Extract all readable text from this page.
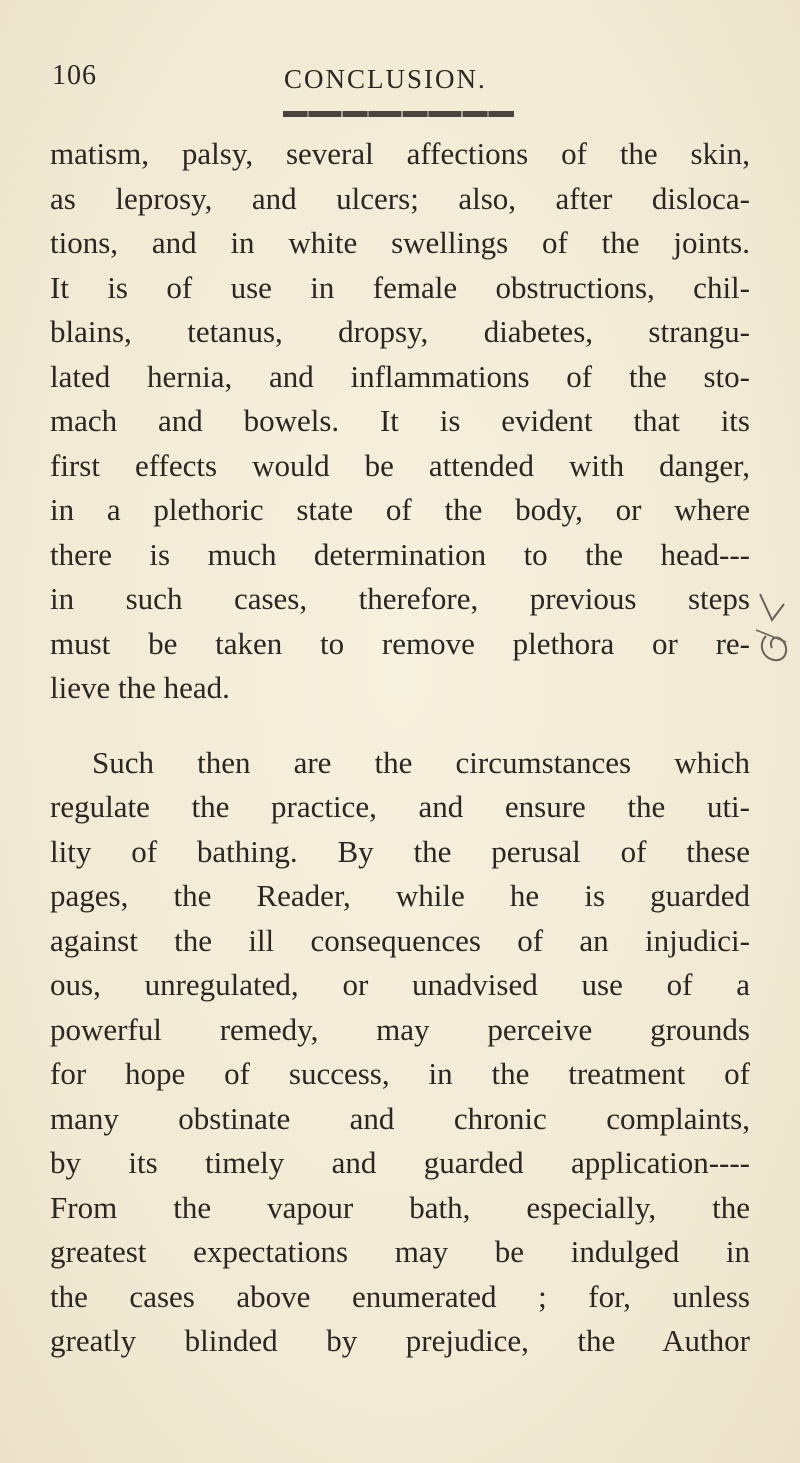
106	CONCLUSION.
matism, palsy, several affections of the skin,
as leprosy, and ulcers; also, after disloca-
tions, and in white swellings of the joints.
It is of use in female obstructions, chil-
blains, tetanus, dropsy, diabetes, strangu-
lated hernia, and inflammations of the sto-
mach and bowels. It is evident that its
first effects would be attended with danger,
in a plethoric state of the body, or where
there is much determination to the head---
in such cases, therefore, previous steps
must be taken to remove plethora or re-
lieve the head.
Such then are the circumstances which
regulate the practice, and ensure the uti-
lity of bathing. By the perusal of these
pages, the Reader, while he is guarded
against the ill consequences of an injudici-
ous, unregulated, or unadvised use of a
powerful remedy, may perceive grounds
for hope of success, in the treatment of
many obstinate and chronic complaints,
by its timely and guarded application----
From the vapour bath, especially, the
greatest expectations may be indulged in
the cases above enumerated ; for, unless
greatly blinded by prejudice, the Author
